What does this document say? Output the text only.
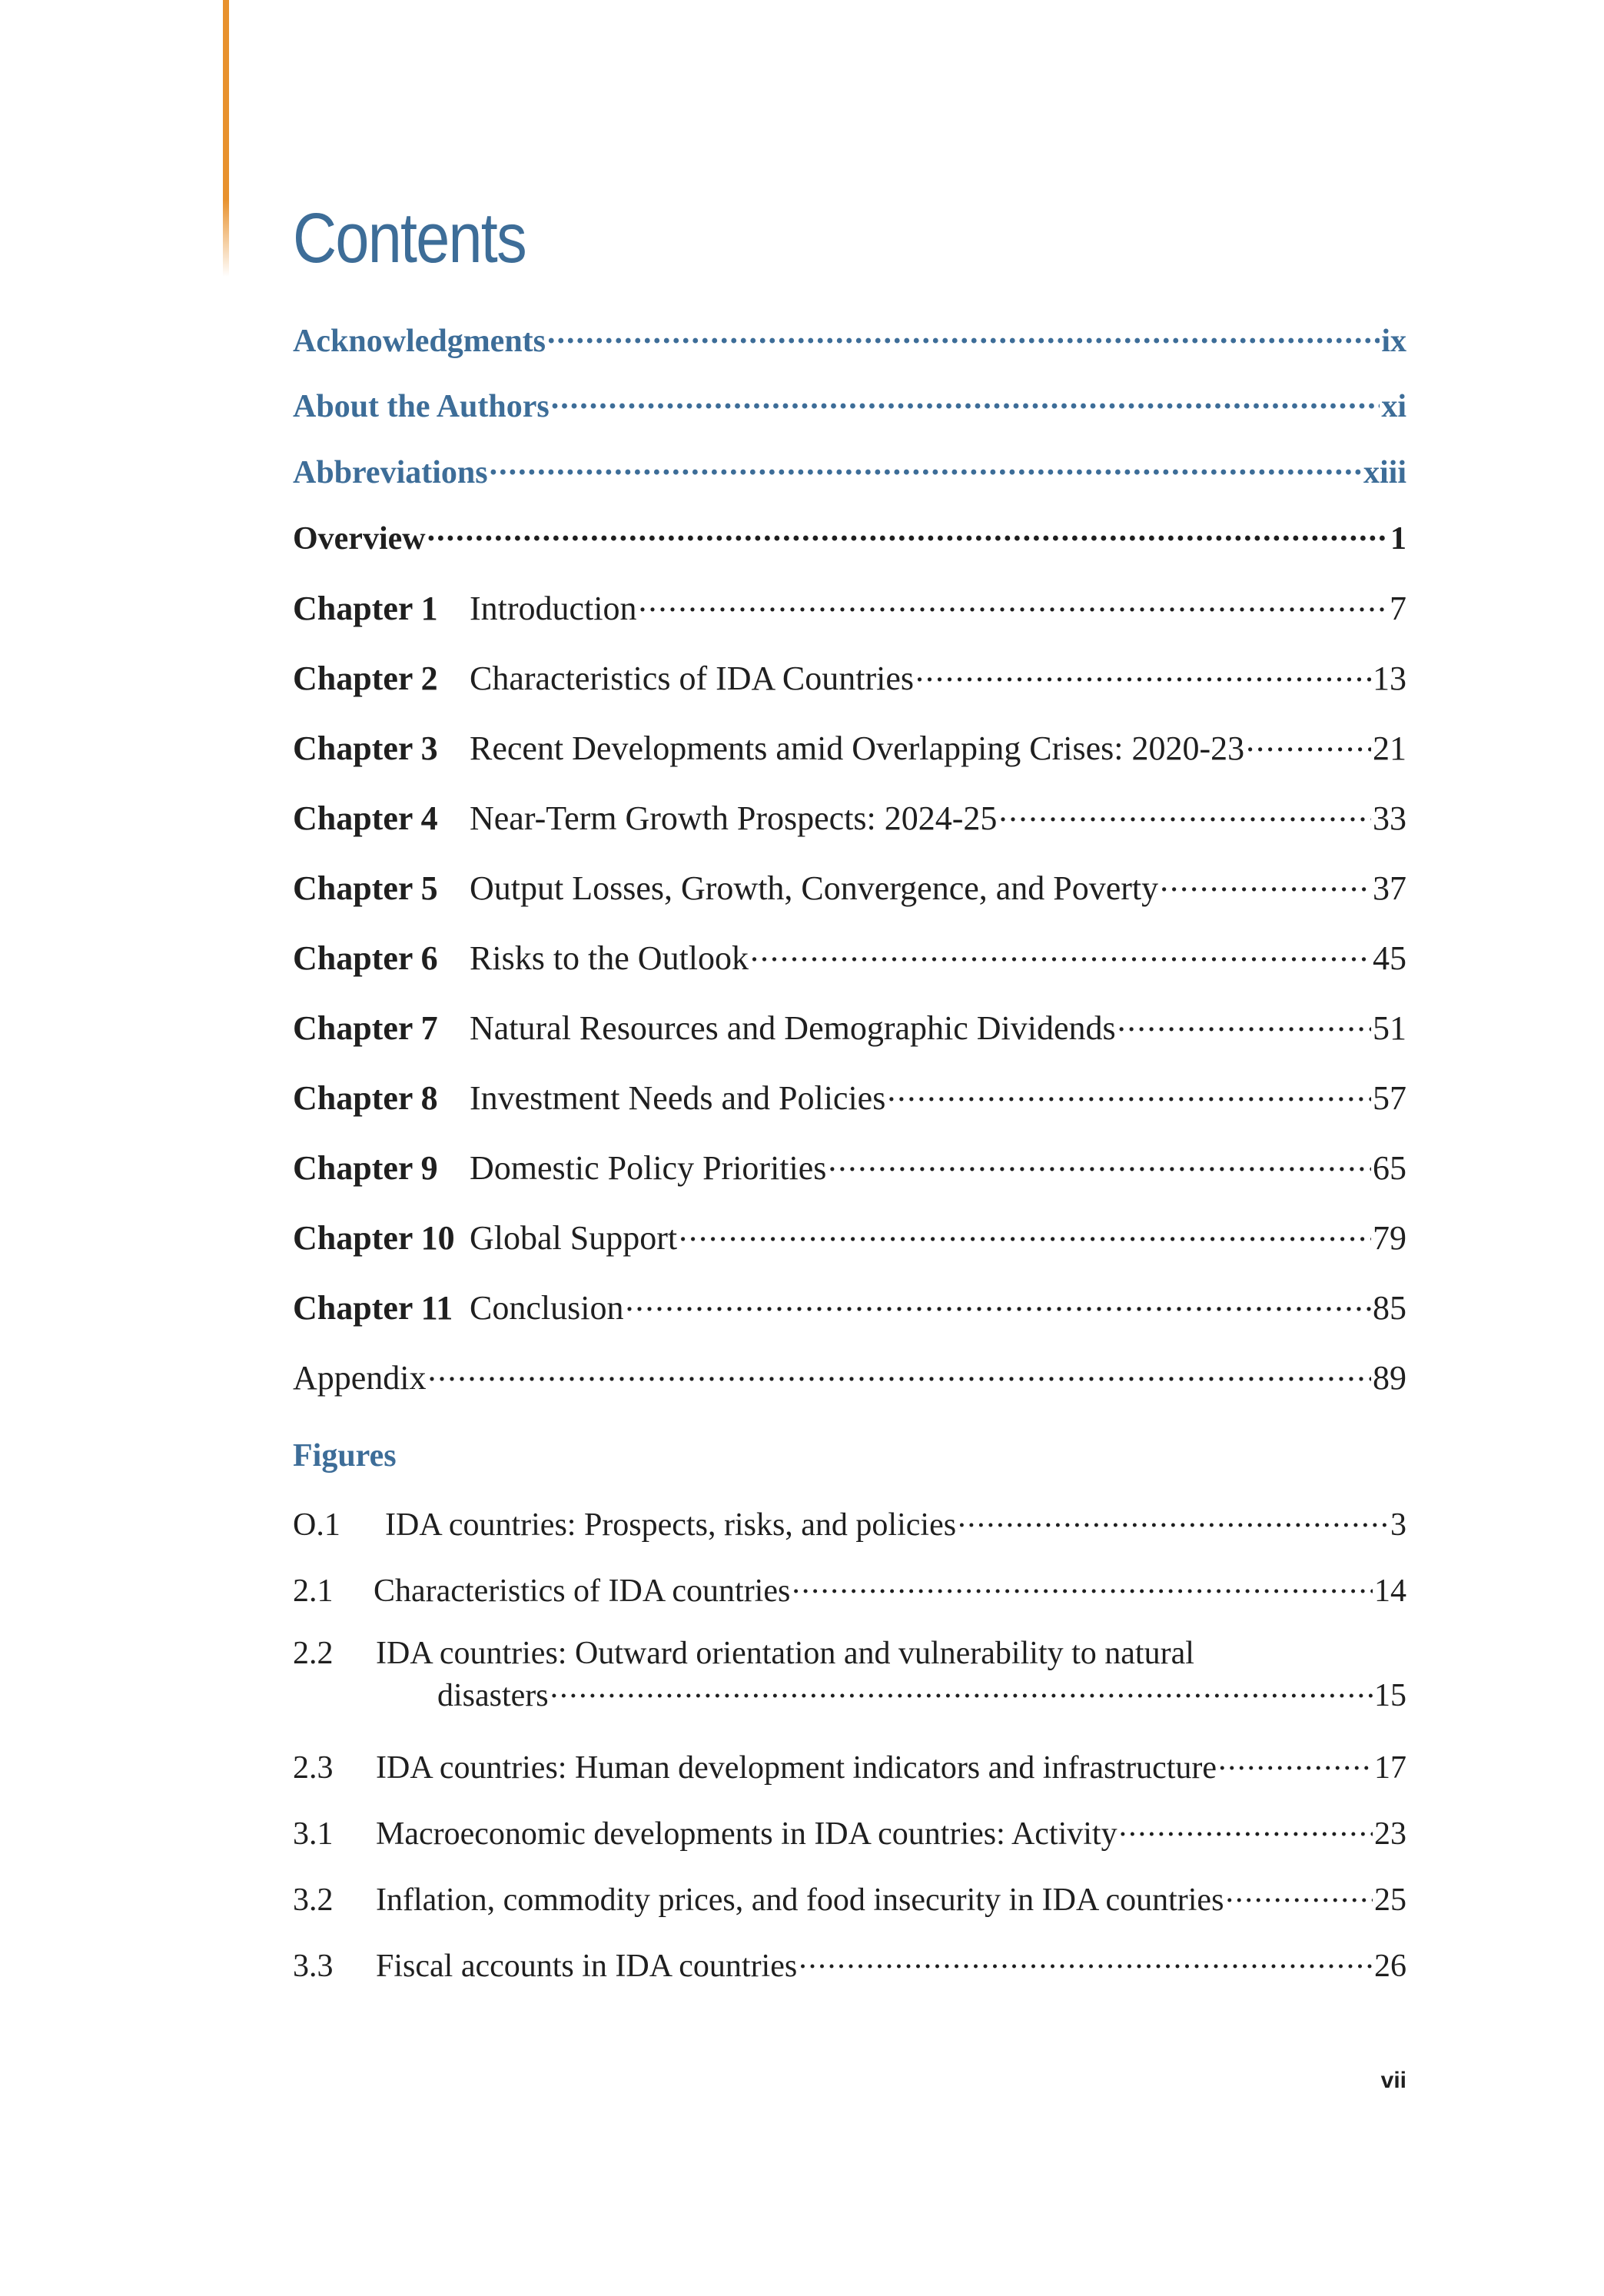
Contents
Acknowledgments .....	ix
About the Authors .....	xi
Abbreviations .....	xiii
Overview .....	1
Chapter 1 Introduction .....	7
Chapter 2 Characteristics of IDA Countries .....	13
Chapter 3 Recent Developments amid Overlapping Crises: 2020-23 .....	21
Chapter 4 Near-Term Growth Prospects: 2024-25 .....	33
Chapter 5 Output Losses, Growth, Convergence, and Poverty .....	37
Chapter 6 Risks to the Outlook .....	45
Chapter 7 Natural Resources and Demographic Dividends .....	51
Chapter 8 Investment Needs and Policies .....	57
Chapter 9 Domestic Policy Priorities .....	65
Chapter 10 Global Support .....	79
Chapter 11 Conclusion .....	85
Appendix .....	89
Figures
O.1 IDA countries: Prospects, risks, and policies .....	3
2.1 Characteristics of IDA countries .....	14
2.2 IDA countries: Outward orientation and vulnerability to natural
disasters .....	15
2.3 IDA countries: Human development indicators and infrastructure .....	17
3.1 Macroeconomic developments in IDA countries: Activity .....	23
3.2 Inflation, commodity prices, and food insecurity in IDA countries .....	25
3.3 Fiscal accounts in IDA countries .....	26
vii
